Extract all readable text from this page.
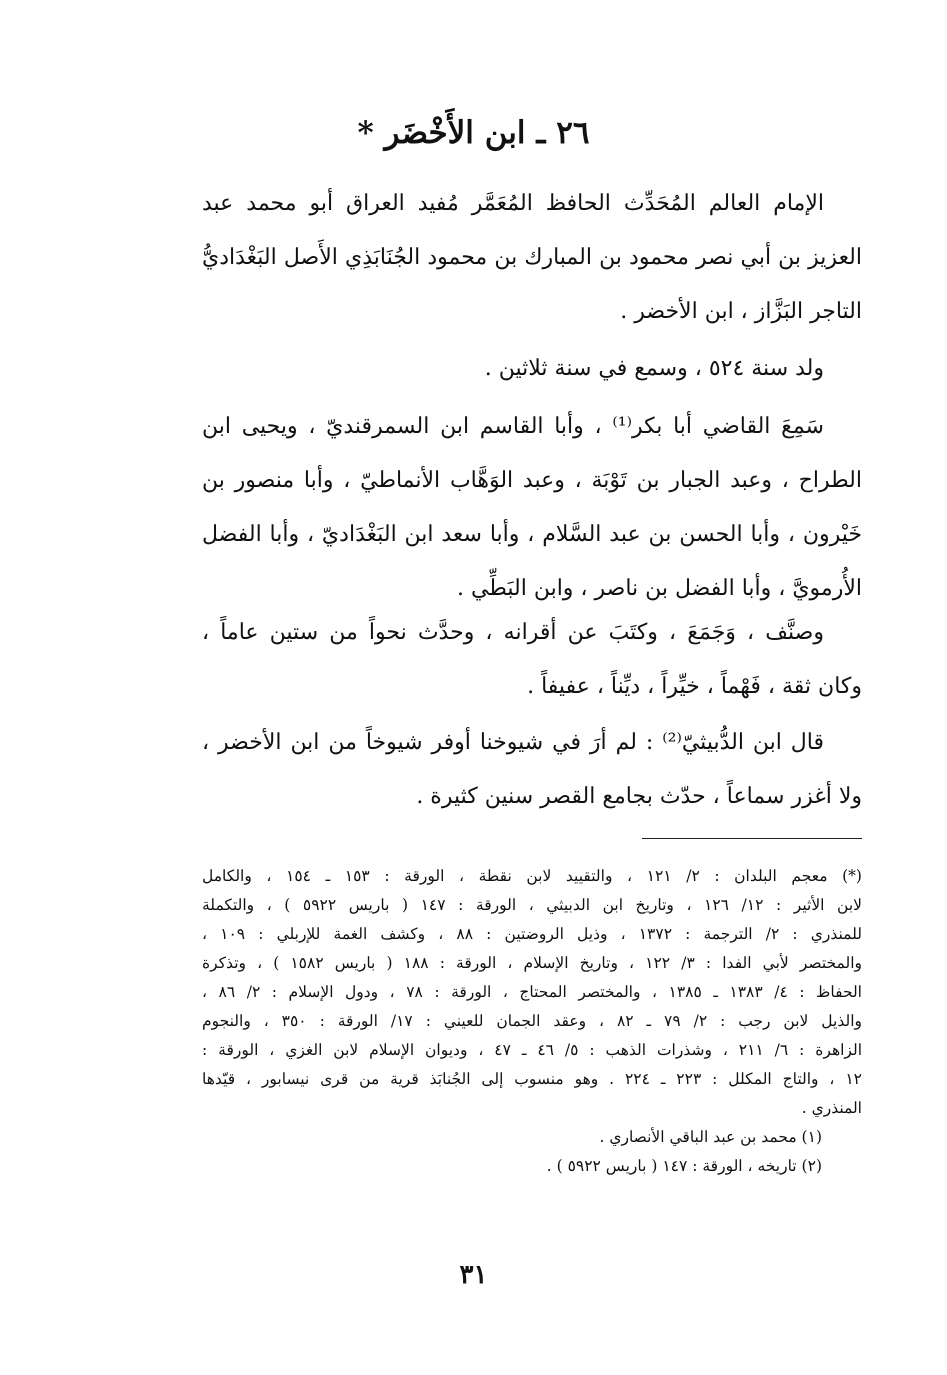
٢٦ ـ ابن الأَخْضَر *
الإمام العالم المُحَدِّث الحافظ المُعَمَّر مُفيد العراق أبو محمد عبد
العزيز بن أبي نصر محمود بن المبارك بن محمود الجُنَابَذِي الأَصل البَغْدَاديُّ
التاجر البَزَّاز ، ابن الأخضر .
ولد سنة ٥٢٤ ، وسمع في سنة ثلاثين .
سَمِعَ القاضي أبا بكر⁽¹⁾ ، وأبا القاسم ابن السمرقنديّ ، ويحيى ابن
الطراح ، وعبد الجبار بن تَوْبَة ، وعبد الوَهَّاب الأنماطيّ ، وأبا منصور بن
خَيْرون ، وأبا الحسن بن عبد السَّلام ، وأبا سعد ابن البَغْدَاديّ ، وأبا الفضل
الأُرمويَّ ، وأبا الفضل بن ناصر ، وابن البَطِّي .
وصنَّف ، وَجَمَعَ ، وكتَبَ عن أقرانه ، وحدَّث نحواً من ستين عاماً ،
وكان ثقة ، فَهْماً ، خيِّراً ، ديِّناً ، عفيفاً .
قال ابن الدُّبيثيّ⁽²⁾ : لم أرَ في شيوخنا أوفر شيوخاً من ابن الأخضر ،
ولا أغزر سماعاً ، حدّث بجامع القصر سنين كثيرة .
(*) معجم البلدان : ٢/ ١٢١ ، والتقييد لابن نقطة ، الورقة : ١٥٣ ـ ١٥٤ ، والكامل
لابن الأثير : ١٢/ ١٢٦ ، وتاريخ ابن الدبيثي ، الورقة : ١٤٧ ( باريس ٥٩٢٢ ) ، والتكملة
للمنذري : ٢/ الترجمة : ١٣٧٢ ، وذيل الروضتين : ٨٨ ، وكشف الغمة للإربلي : ١٠٩ ،
والمختصر لأبي الفدا : ٣/ ١٢٢ ، وتاريخ الإسلام ، الورقة : ١٨٨ ( باريس ١٥٨٢ ) ، وتذكرة
الحفاظ : ٤/ ١٣٨٣ ـ ١٣٨٥ ، والمختصر المحتاج ، الورقة : ٧٨ ، ودول الإسلام : ٢/ ٨٦ ،
والذيل لابن رجب : ٢/ ٧٩ ـ ٨٢ ، وعقد الجمان للعيني : ١٧/ الورقة : ٣٥٠ ، والنجوم
الزاهرة : ٦/ ٢١١ ، وشذرات الذهب : ٥/ ٤٦ ـ ٤٧ ، وديوان الإسلام لابن الغزي ، الورقة :
١٢ ، والتاج المكلل : ٢٢٣ ـ ٢٢٤ . وهو منسوب إلى الجُنابَذ قرية من قرى نيسابور ، قيّدها
المنذري .
(١) محمد بن عبد الباقي الأنصاري .
(٢) تاريخه ، الورقة : ١٤٧ ( باريس ٥٩٢٢ ) .
٣١
